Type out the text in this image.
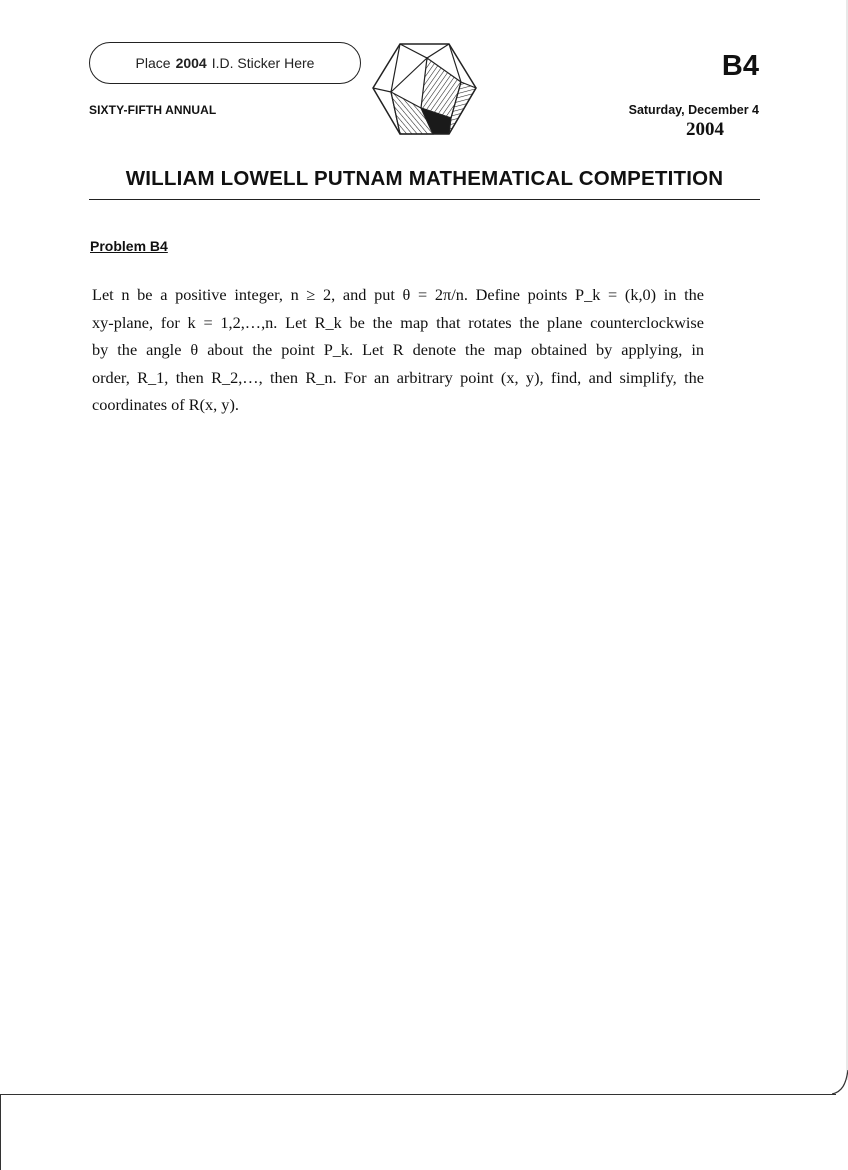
Place 2004 I.D. Sticker Here
SIXTY-FIFTH ANNUAL
B4
Saturday, December 4
2004
WILLIAM LOWELL PUTNAM MATHEMATICAL COMPETITION
Problem B4
Let n be a positive integer, n ≥ 2, and put θ = 2π/n. Define points P_k = (k,0) in the
xy-plane, for k = 1,2,…,n. Let R_k be the map that rotates the plane counterclockwise
by the angle θ about the point P_k. Let R denote the map obtained by applying, in
order, R_1, then R_2,…, then R_n. For an arbitrary point (x, y), find, and simplify, the
coordinates of R(x, y).
